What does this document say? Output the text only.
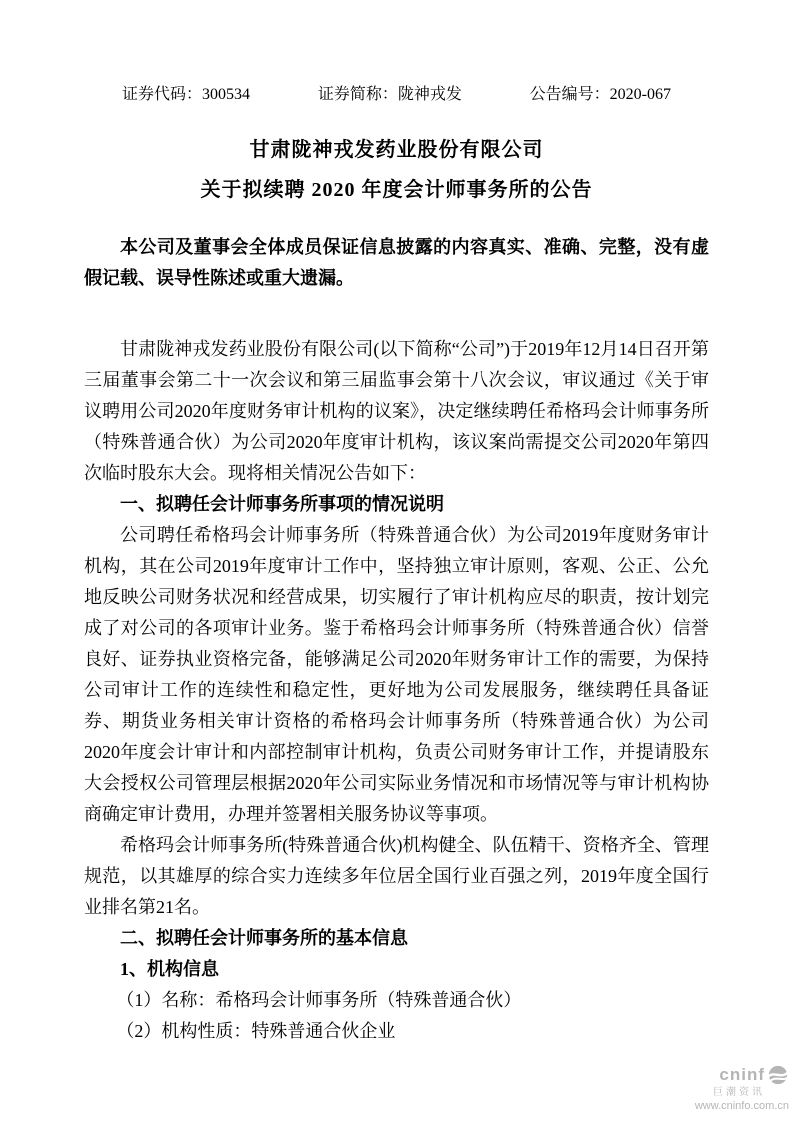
证券代码：300534	证券简称：陇神戎发	公告编号：2020-067
甘肃陇神戎发药业股份有限公司
关于拟续聘 2020 年度会计师事务所的公告

本公司及董事会全体成员保证信息披露的内容真实、准确、完整，没有虚假记载、误导性陈述或重大遗漏。

甘肃陇神戎发药业股份有限公司(以下简称“公司”)于2019年12月14日召开第三届董事会第二十一次会议和第三届监事会第十八次会议，审议通过《关于审议聘用公司2020年度财务审计机构的议案》，决定继续聘任希格玛会计师事务所（特殊普通合伙）为公司2020年度审计机构，该议案尚需提交公司2020年第四次临时股东大会。现将相关情况公告如下：

一、拟聘任会计师事务所事项的情况说明

公司聘任希格玛会计师事务所（特殊普通合伙）为公司2019年度财务审计机构，其在公司2019年度审计工作中，坚持独立审计原则，客观、公正、公允地反映公司财务状况和经营成果，切实履行了审计机构应尽的职责，按计划完成了对公司的各项审计业务。鉴于希格玛会计师事务所（特殊普通合伙）信誉良好、证券执业资格完备，能够满足公司2020年财务审计工作的需要，为保持公司审计工作的连续性和稳定性，更好地为公司发展服务，继续聘任具备证券、期货业务相关审计资格的希格玛会计师事务所（特殊普通合伙）为公司2020年度会计审计和内部控制审计机构，负责公司财务审计工作，并提请股东大会授权公司管理层根据2020年公司实际业务情况和市场情况等与审计机构协商确定审计费用，办理并签署相关服务协议等事项。

希格玛会计师事务所(特殊普通合伙)机构健全、队伍精干、资格齐全、管理规范，以其雄厚的综合实力连续多年位居全国行业百强之列，2019年度全国行业排名第21名。

二、拟聘任会计师事务所的基本信息

1、机构信息

（1）名称：希格玛会计师事务所（特殊普通合伙）

（2）机构性质：特殊普通合伙企业

cninf
巨潮资讯
www.cninfo.com.cn
